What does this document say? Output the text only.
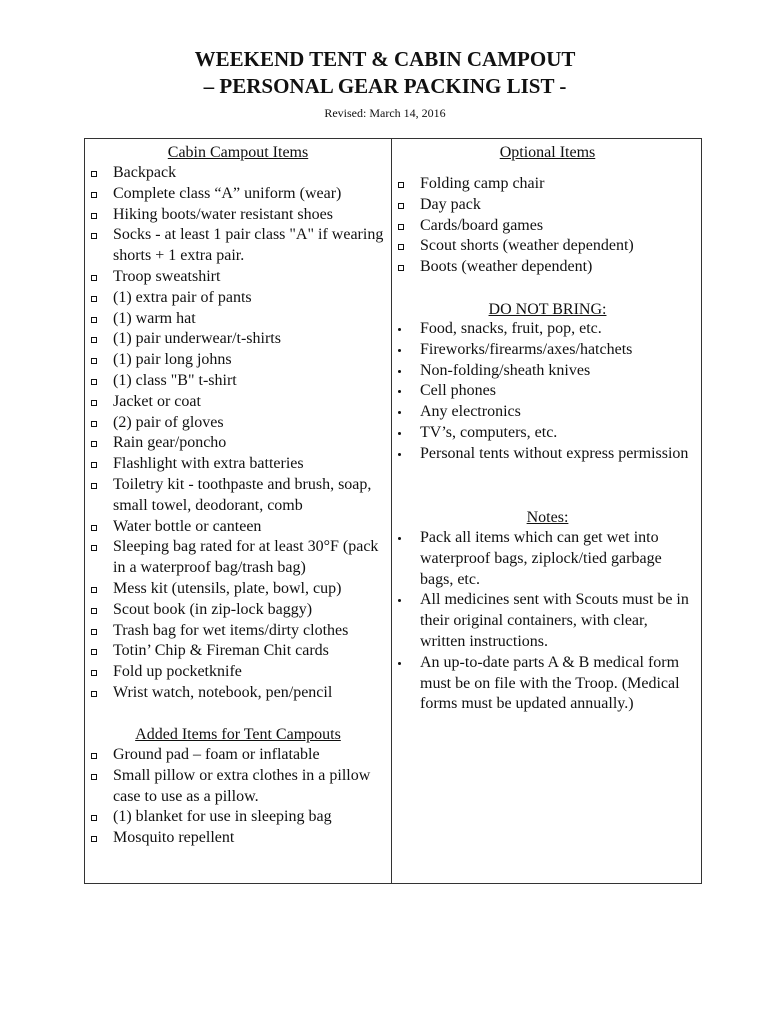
WEEKEND TENT & CABIN CAMPOUT
– PERSONAL GEAR PACKING LIST -
Revised: March 14, 2016
Cabin Campout Items
Backpack
Complete class “A” uniform (wear)
Hiking boots/water resistant shoes
Socks - at least 1 pair class "A" if wearing shorts + 1 extra pair.
Troop sweatshirt
(1) extra pair of pants
(1) warm hat
(1) pair underwear/t-shirts
(1) pair long johns
(1) class "B" t-shirt
Jacket or coat
(2) pair of gloves
Rain gear/poncho
Flashlight with extra batteries
Toiletry kit - toothpaste and brush, soap, small towel, deodorant, comb
Water bottle or canteen
Sleeping bag rated for at least 30°F (pack in a waterproof bag/trash bag)
Mess kit (utensils, plate, bowl, cup)
Scout book (in zip-lock baggy)
Trash bag for wet items/dirty clothes
Totin’ Chip & Fireman Chit cards
Fold up pocketknife
Wrist watch, notebook, pen/pencil
Added Items for Tent Campouts
Ground pad – foam or inflatable
Small pillow or extra clothes in a pillow case to use as a pillow.
(1) blanket for use in sleeping bag
Mosquito repellent
Optional Items
Folding camp chair
Day pack
Cards/board games
Scout shorts (weather dependent)
Boots (weather dependent)
DO NOT BRING:
Food, snacks, fruit, pop, etc.
Fireworks/firearms/axes/hatchets
Non-folding/sheath knives
Cell phones
Any electronics
TV’s, computers, etc.
Personal tents without express permission
Notes:
Pack all items which can get wet into waterproof bags, ziplock/tied garbage bags, etc.
All medicines sent with Scouts must be in their original containers, with clear, written instructions.
An up-to-date parts A & B medical form must be on file with the Troop. (Medical forms must be updated annually.)
